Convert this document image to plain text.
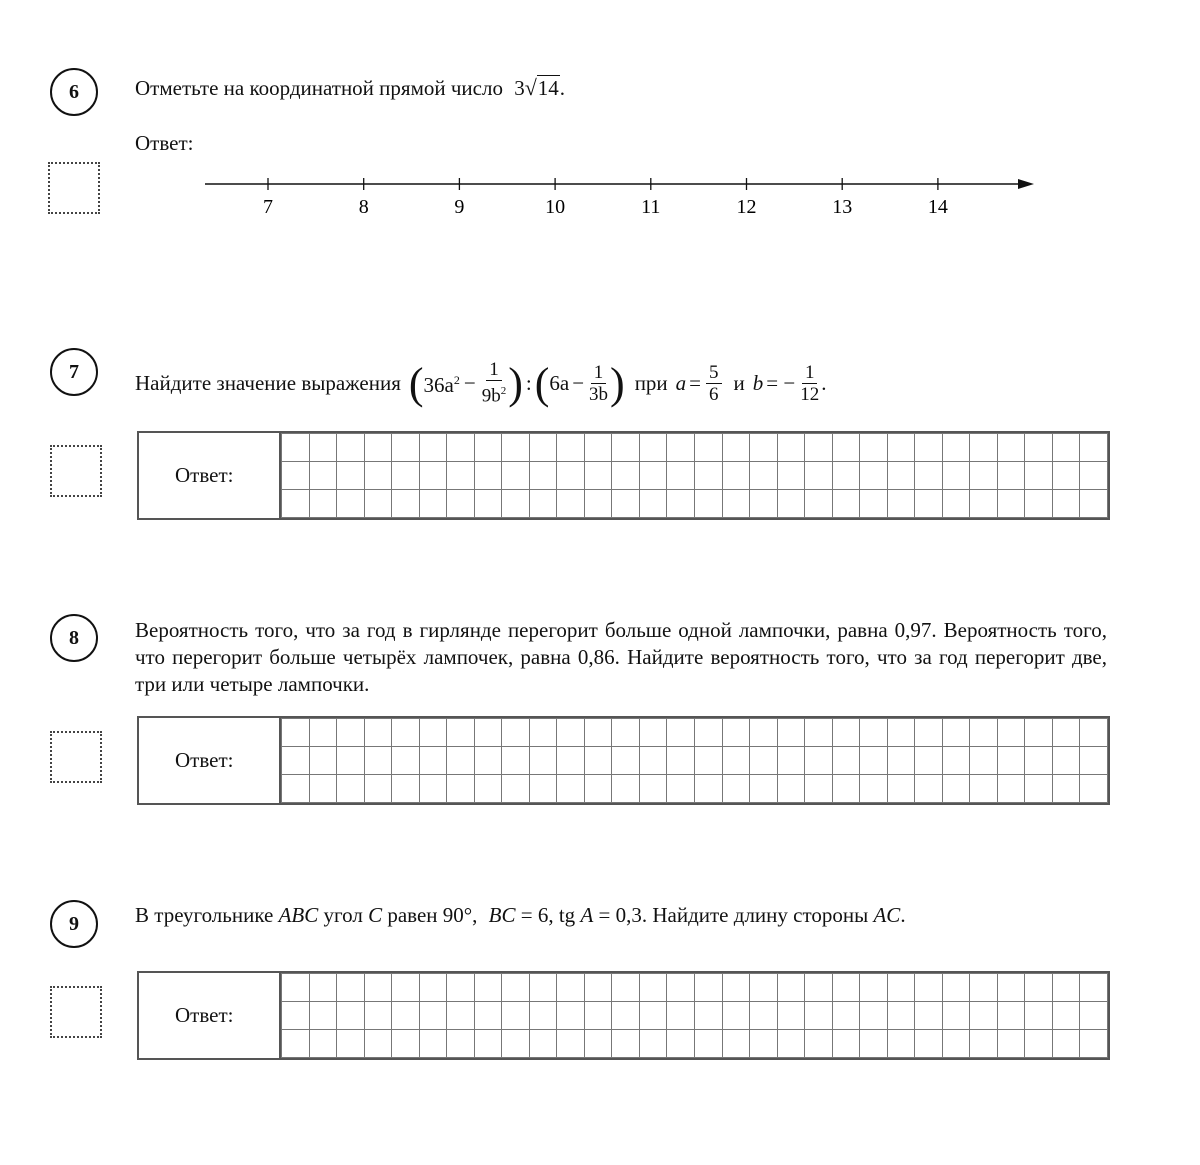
6	Отметьте на координатной прямой число 3√14.
Ответ:
7	8	9	10	11	12	13	14
7	Найдите значение выражения ( $36a^2 - \frac{1}{9b^2}$ ) : ( $6a - \frac{1}{3b}$ ) при $a = \frac{5}{6}$ и b = − $\frac{1}{12}$ .
Ответ:

8	Вероятность того, что за год в гирлянде перегорит больше одной лампочки, равна 0,97. Вероятность того, что перегорит больше четырёх лампочек, равна 0,86. Найдите вероятность того, что за год перегорит две, три или четыре лампочки.
Ответ:

9	В треугольнике ABC угол C равен 90°, BC = 6, tg A = 0,3. Найдите длину стороны AC.
Ответ:
